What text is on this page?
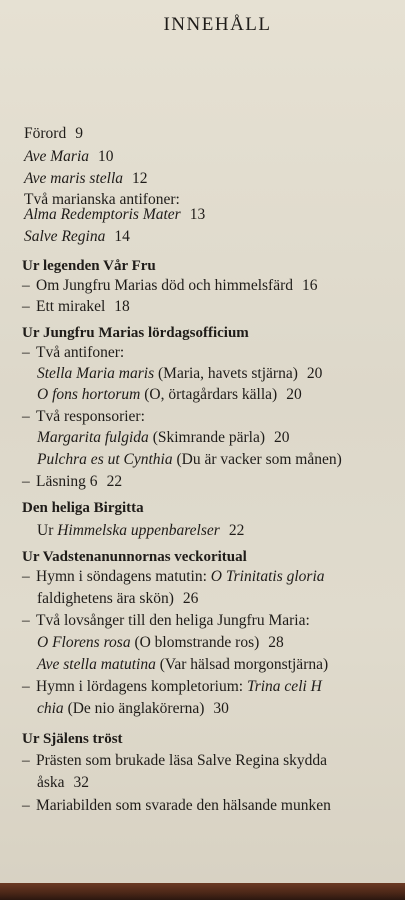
INNEHÅLL
Förord 9
Ave Maria 10
Ave maris stella 12
Två marianska antifoner:
Alma Redemptoris Mater 13
Salve Regina 14
Ur legenden Vår Fru
– Om Jungfru Marias död och himmelsfärd 16
– Ett mirakel 18
Ur Jungfru Marias lördagsofficium
– Två antifoner:
Stella Maria maris (Maria, havets stjärna) 20
O fons hortorum (O, örtagårdars källa) 20
– Två responsorier:
Margarita fulgida (Skimrande pärla) 20
Pulchra es ut Cynthia (Du är vacker som månen)
– Läsning 6 22
Den heliga Birgitta
Ur Himmelska uppenbarelser 22
Ur Vadstenanunnornas veckoritual
– Hymn i söndagens matutin: O Trinitatis gloria
faldighetens ära skön) 26
– Två lovsånger till den heliga Jungfru Maria:
O Florens rosa (O blomstrande ros) 28
Ave stella matutina (Var hälsad morgonstjärna)
– Hymn i lördagens kompletorium: Trina celi H
chia (De nio änglakörerna) 30
Ur Själens tröst
– Prästen som brukade läsa Salve Regina skydda
åska 32
– Mariabilden som svarade den hälsande munken
